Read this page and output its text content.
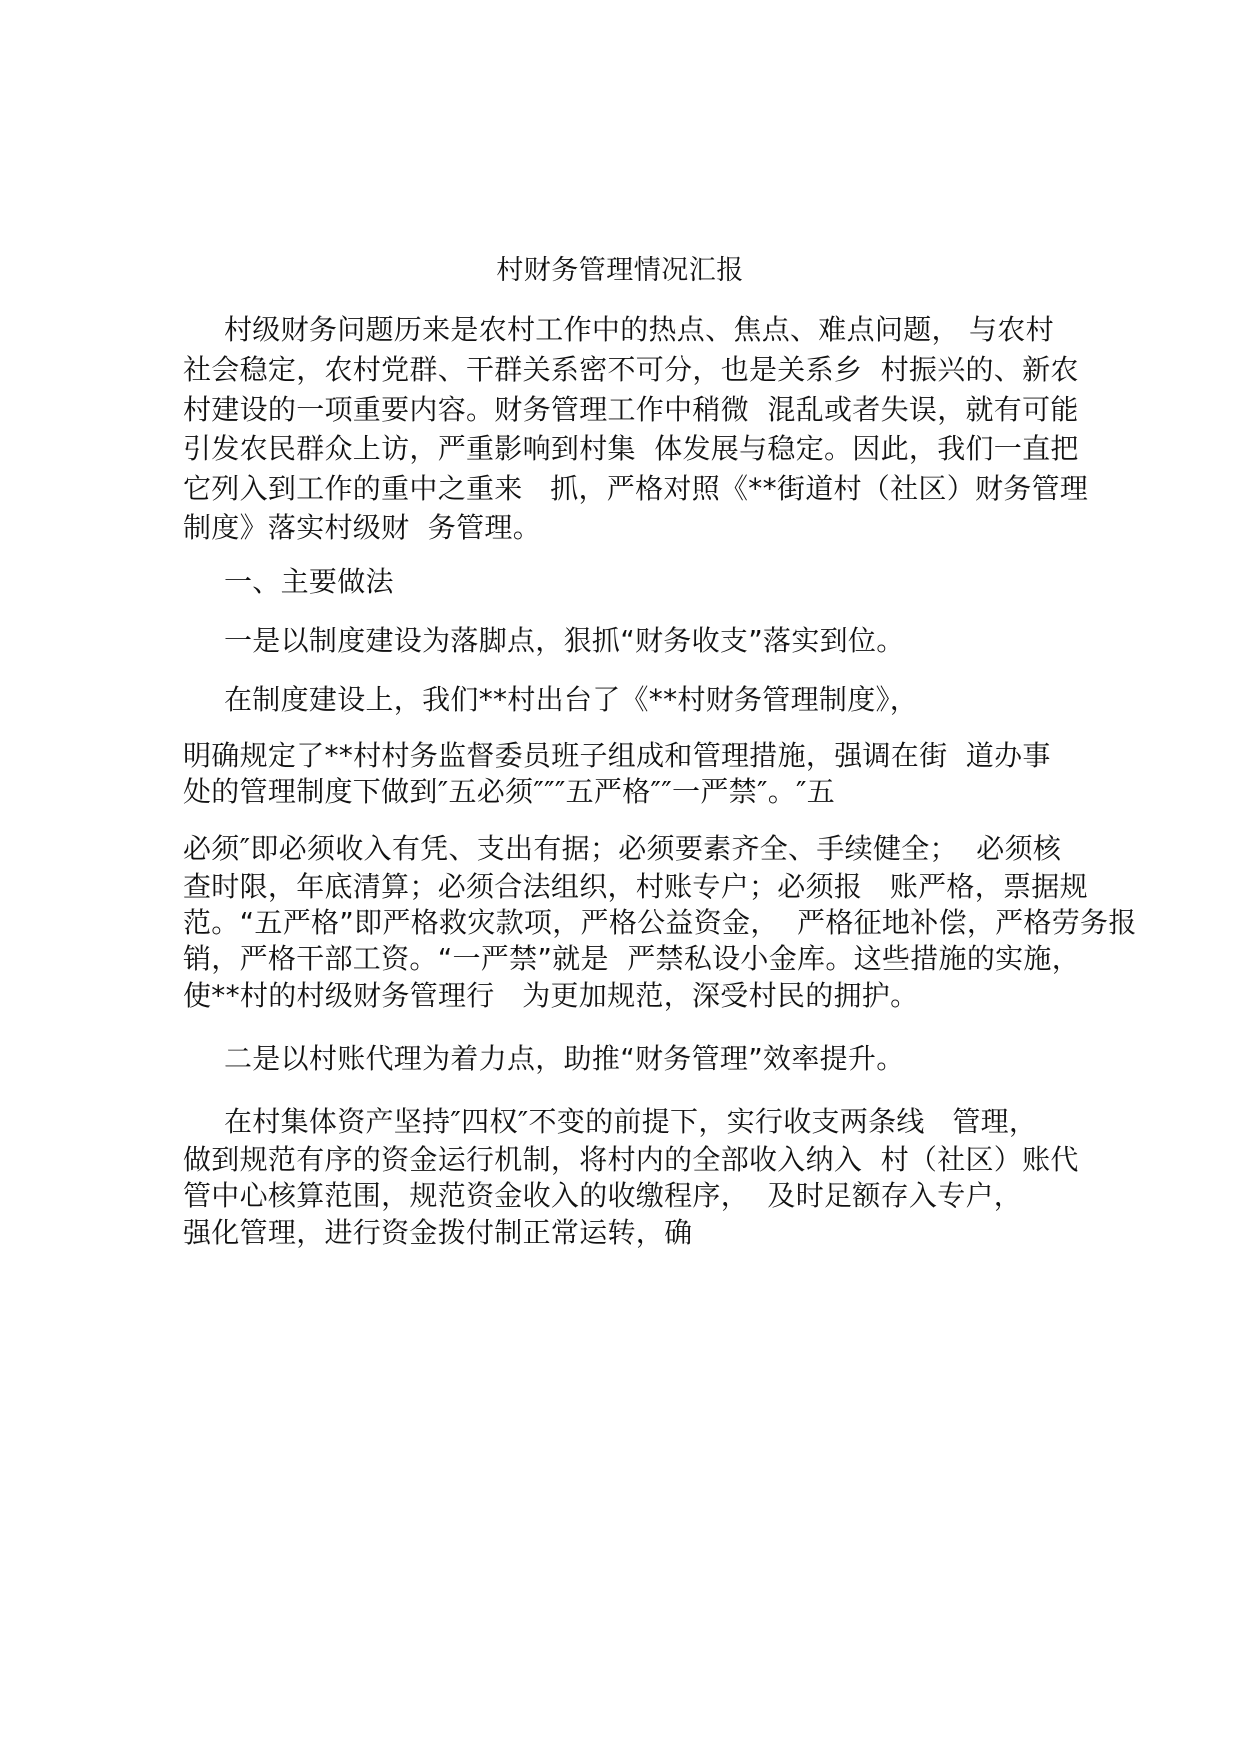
村财务管理情况汇报
村级财务问题历来是农村工作中的热点、焦点、难点问题， 与农村
社会稳定，农村党群、干群关系密不可分，也是关系乡  村振兴的、新农
村建设的一项重要内容。财务管理工作中稍微  混乱或者失误，就有可能
引发农民群众上访，严重影响到村集  体发展与稳定。因此，我们一直把
它列入到工作的重中之重来   抓，严格对照《**街道村（社区）财务管理
制度》落实村级财  务管理。
一、主要做法
一是以制度建设为落脚点，狠抓“财务收支”落实到位。
在制度建设上，我们**村出台了《**村财务管理制度》，
明确规定了**村村务监督委员班子组成和管理措施，强调在街  道办事
处的管理制度下做到″五必须″″″五严格″″一严禁″。″五
必须″即必须收入有凭、支出有据；必须要素齐全、手续健全；  必须核
查时限，年底清算；必须合法组织，村账专户；必须报   账严格，票据规
范。“五严格”即严格救灾款项，严格公益资金，  严格征地补偿，严格劳务报
销，严格干部工资。“一严禁”就是  严禁私设小金库。这些措施的实施，
使**村的村级财务管理行   为更加规范，深受村民的拥护。
二是以村账代理为着力点，助推“财务管理”效率提升。
在村集体资产坚持″四权″不变的前提下，实行收支两条线   管理，
做到规范有序的资金运行机制，将村内的全部收入纳入  村（社区）账代
管中心核算范围，规范资金收入的收缴程序，  及时足额存入专户，
强化管理，进行资金拨付制正常运转，确
